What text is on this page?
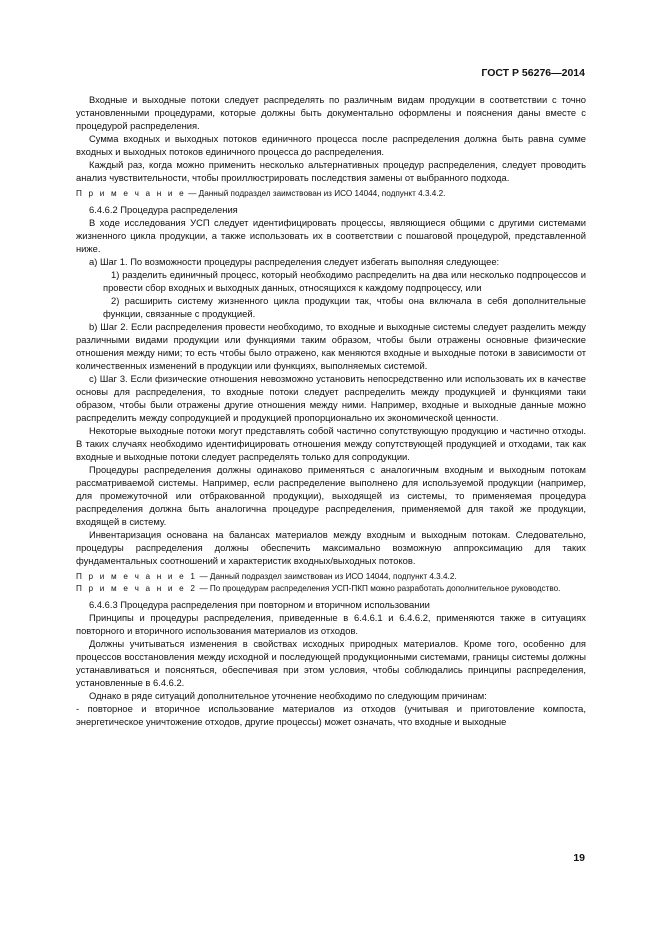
ГОСТ Р 56276—2014

Входные и выходные потоки следует распределять по различным видам продукции в соответствии с точно установленными процедурами, которые должны быть документально оформлены и пояснения даны вместе с процедурой распределения.

Сумма входных и выходных потоков единичного процесса после распределения должна быть равна сумме входных и выходных потоков единичного процесса до распределения.

Каждый раз, когда можно применить несколько альтернативных процедур распределения, следует проводить анализ чувствительности, чтобы проиллюстрировать последствия замены от выбранного подхода.

П р и м е ч а н и е — Данный подраздел заимствован из ИСО 14044, подпункт 4.3.4.2.

6.4.6.2 Процедура распределения

В ходе исследования УСП следует идентифицировать процессы, являющиеся общими с другими системами жизненного цикла продукции, а также использовать их в соответствии с пошаговой процедурой, представленной ниже.

а) Шаг 1. По возможности процедуры распределения следует избегать выполняя следующее:

1) разделить единичный процесс, который необходимо распределить на два или несколько подпроцессов и провести сбор входных и выходных данных, относящихся к каждому подпроцессу, или

2) расширить систему жизненного цикла продукции так, чтобы она включала в себя дополнительные функции, связанные с продукцией.

b) Шаг 2. Если распределения провести необходимо, то входные и выходные системы следует разделить между различными видами продукции или функциями таким образом, чтобы были отражены основные физические отношения между ними; то есть чтобы было отражено, как меняются входные и выходные потоки в зависимости от количественных изменений в продукции или функциях, выполняемых системой.

c) Шаг 3. Если физические отношения невозможно установить непосредственно или использовать их в качестве основы для распределения, то входные потоки следует распределить между продукцией и функциями таки образом, чтобы были отражены другие отношения между ними. Например, входные и выходные данные можно распределить между сопродукцией и продукцией пропорционально их экономической ценности.

Некоторые выходные потоки могут представлять собой частично сопутствующую продукцию и частично отходы. В таких случаях необходимо идентифицировать отношения между сопутствующей продукцией и отходами, так как входные и выходные потоки следует распределять только для сопродукции.

Процедуры распределения должны одинаково применяться с аналогичным входным и выходным потокам рассматриваемой системы. Например, если распределение выполнено для используемой продукции (например, для промежуточной или отбракованной продукции), выходящей из системы, то применяемая процедура распределения должна быть аналогична процедуре распределения, применяемой для такой же продукции, входящей в систему.

Инвентаризация основана на балансах материалов между входным и выходным потокам. Следовательно, процедуры распределения должны обеспечить максимально возможную аппроксимацию для таких фундаментальных соотношений и характеристик входных/выходных потоков.

П р и м е ч а н и е 1 — Данный подраздел заимствован из ИСО 14044, подпункт 4.3.4.2.

П р и м е ч а н и е 2 — По процедурам распределения УСП-ПКП можно разработать дополнительное руководство.

6.4.6.3 Процедура распределения при повторном и вторичном использовании

Принципы и процедуры распределения, приведенные в 6.4.6.1 и 6.4.6.2, применяются также в ситуациях повторного и вторичного использования материалов из отходов.

Должны учитываться изменения в свойствах исходных природных материалов. Кроме того, особенно для процессов восстановления между исходной и последующей продукционными системами, границы системы должны устанавливаться и поясняться, обеспечивая при этом условия, чтобы соблюдались принципы распределения, установленные в 6.4.6.2.

Однако в ряде ситуаций дополнительное уточнение необходимо по следующим причинам:

- повторное и вторичное использование материалов из отходов (учитывая и приготовление компоста, энергетическое уничтожение отходов, другие процессы) может означать, что входные и выходные

19
